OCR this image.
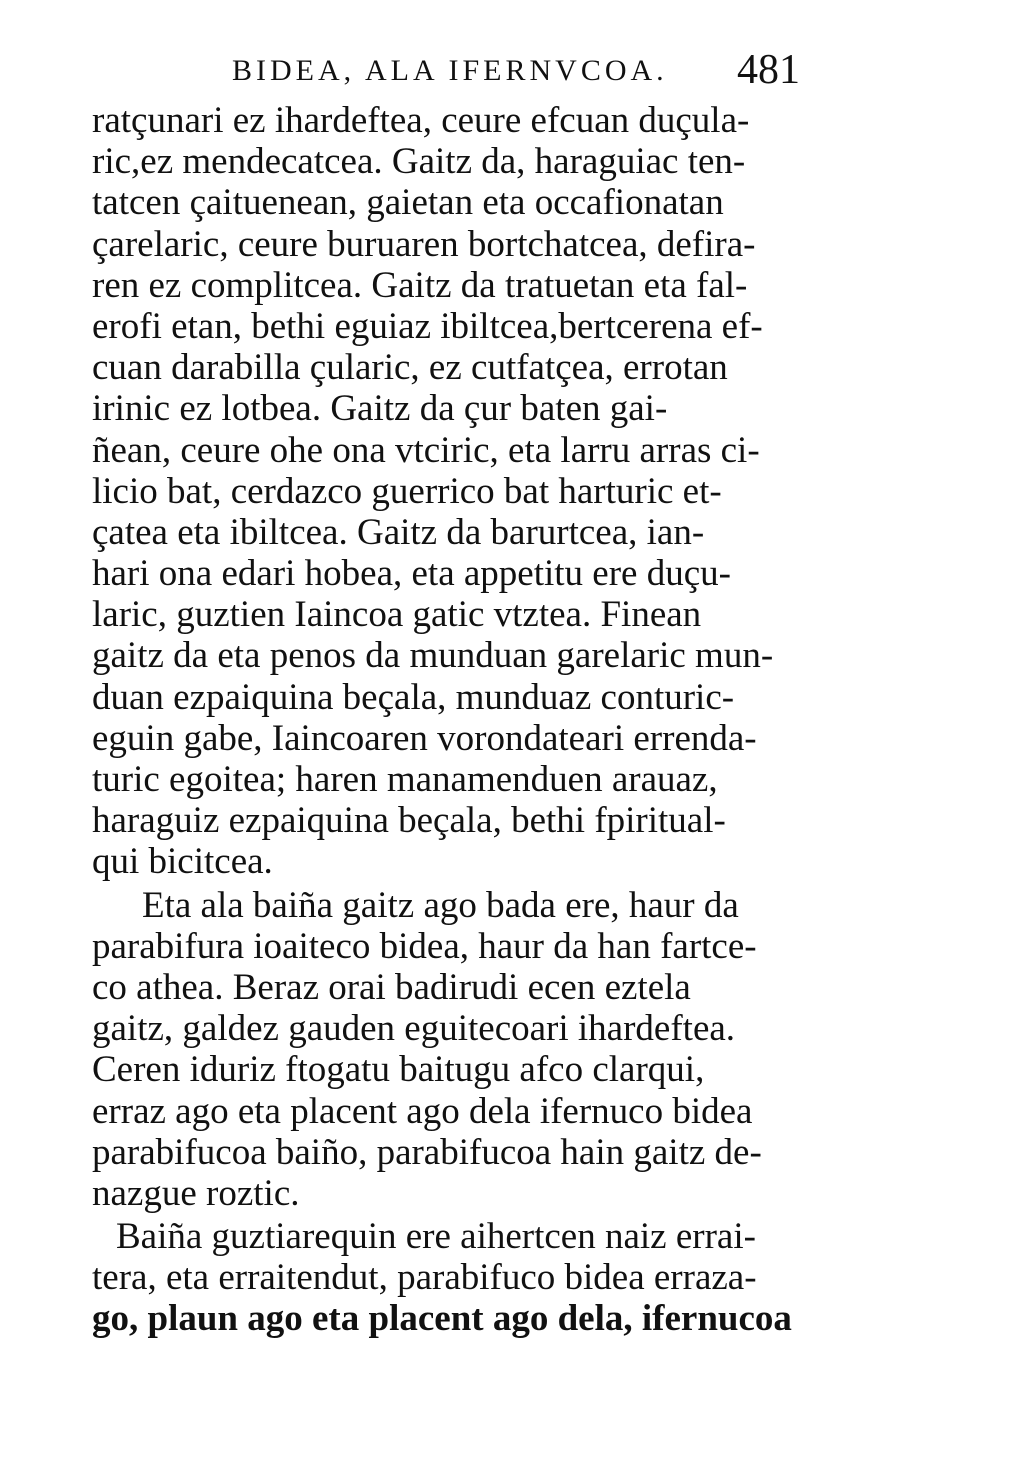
BIDEA, ALA IFERNVCOA. 481
ratçunari ez ihardeftea, ceure efcuan duçula-
ric,ez mendecatcea. Gaitz da, haraguiac ten-
tatcen çaituenean, gaietan eta occafionatan
çarelaric, ceure buruaren bortchatcea, defira-
ren ez complitcea. Gaitz da tratuetan eta fal-
erofi etan, bethi eguiaz ibiltcea,bertcerena ef-
cuan darabilla çularic, ez cutfatçea, errotan
irinic ez lotbea. Gaitz da çur baten gai-
ñean, ceure ohe ona vtciric, eta larru arras ci-
licio bat, cerdazco guerrico bat harturic et-
çatea eta ibiltcea. Gaitz da barurtcea, ian-
hari ona edari hobea, eta appetitu ere duçu-
laric, guztien Iaincoa gatic vtztea. Finean
gaitz da eta penos da munduan garelaric mun-
duan ezpaiquina beçala, munduaz conturic-
eguin gabe, Iaincoaren vorondateari errenda-
turic egoitea; haren manamenduen arauaz,
haraguiz ezpaiquina beçala, bethi fpiritual-
qui bicitcea.
Eta ala baiña gaitz ago bada ere, haur da
parabifura ioaiteco bidea, haur da han fartce-
co athea. Beraz orai badirudi ecen eztela
gaitz, galdez gauden eguitecoari ihardeftea.
Ceren iduriz ftogatu baitugu afco clarqui,
erraz ago eta placent ago dela ifernuco bidea
parabifucoa baiño, parabifucoa hain gaitz de-
nazgue roztic.
Baiña guztiarequin ere aihertcen naiz errai-
tera, eta erraitendut, parabifuco bidea erraza-
go, plaun ago eta placent ago dela, ifernucoa
